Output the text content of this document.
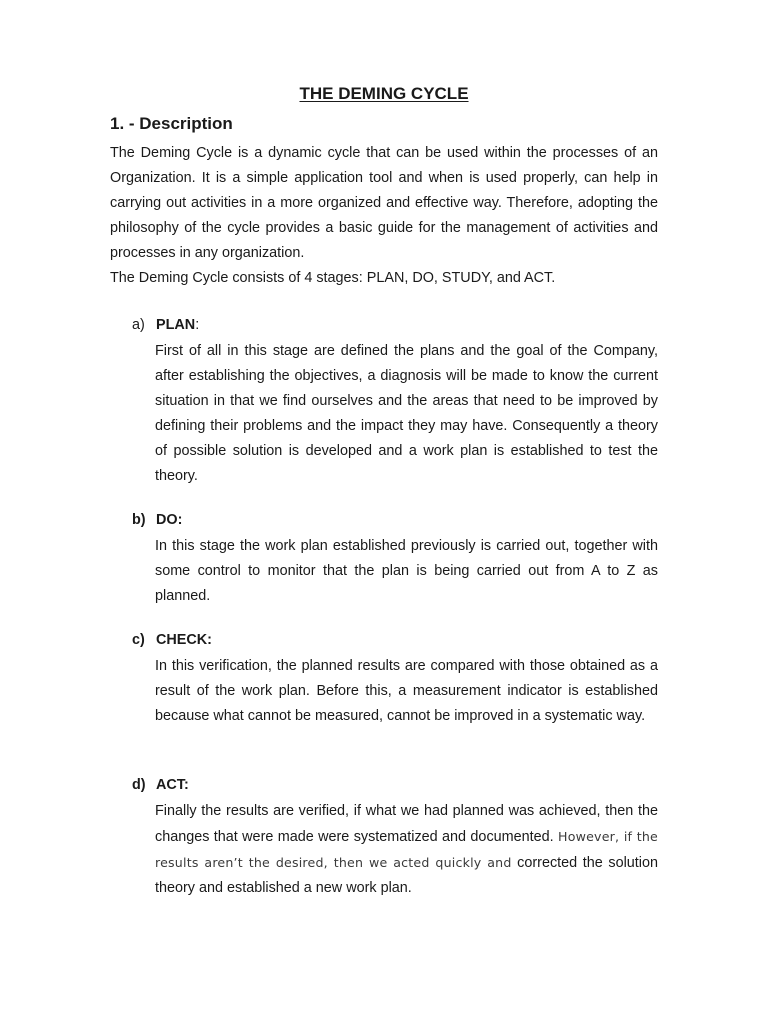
THE DEMING CYCLE
1. - Description

The Deming Cycle is a dynamic cycle that can be used within the processes of an Organization. It is a simple application tool and when is used properly, can help in carrying out activities in a more organized and effective way. Therefore, adopting the philosophy of the cycle provides a basic guide for the management of activities and processes in any organization.

The Deming Cycle consists of 4 stages: PLAN, DO, STUDY, and ACT.

a) PLAN:
First of all in this stage are defined the plans and the goal of the Company, after establishing the objectives, a diagnosis will be made to know the current situation in that we find ourselves and the areas that need to be improved by defining their problems and the impact they may have. Consequently a theory of possible solution is developed and a work plan is established to test the theory.
b) DO:
In this stage the work plan established previously is carried out, together with some control to monitor that the plan is being carried out from A to Z as planned.
c) CHECK:
In this verification, the planned results are compared with those obtained as a result of the work plan. Before this, a measurement indicator is established because what cannot be measured, cannot be improved in a systematic way.
d) ACT:
Finally the results are verified, if what we had planned was achieved, then the changes that were made were systematized and documented. However, if the results aren’t the desired, then we acted quickly and corrected the solution theory and established a new work plan.
